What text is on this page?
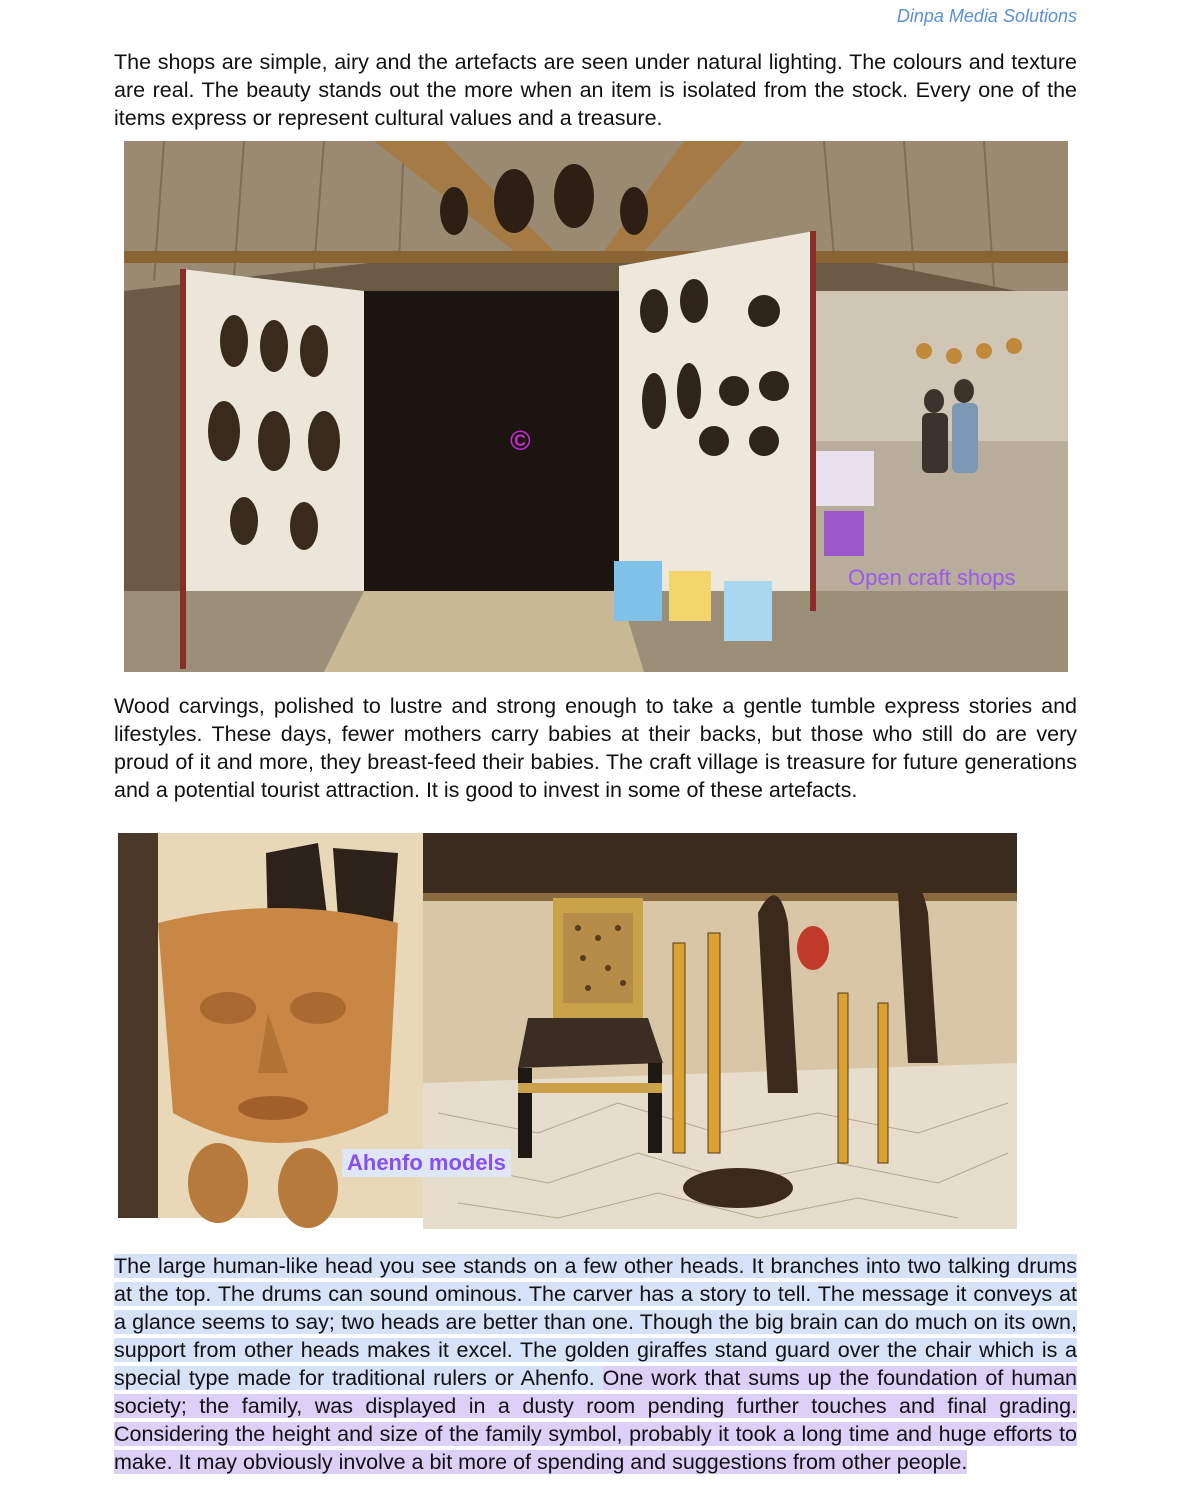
Dinpa Media Solutions

The shops are simple, airy and the artefacts are seen under natural lighting. The colours and texture are real. The beauty stands out the more when an item is isolated from the stock. Every one of the items express or represent cultural values and a treasure.

©
Open craft shops

Wood carvings, polished to lustre and strong enough to take a gentle tumble express stories and lifestyles. These days, fewer mothers carry babies at their backs, but those who still do are very proud of it and more, they breast-feed their babies. The craft village is treasure for future generations and a potential tourist attraction. It is good to invest in some of these artefacts.

Ahenfo models

The large human-like head you see stands on a few other heads. It branches into two talking drums at the top. The drums can sound ominous. The carver has a story to tell. The message it conveys at a glance seems to say; two heads are better than one. Though the big brain can do much on its own, support from other heads makes it excel. The golden giraffes stand guard over the chair which is a special type made for traditional rulers or Ahenfo. One work that sums up the foundation of human society; the family, was displayed in a dusty room pending further touches and final grading. Considering the height and size of the family symbol, probably it took a long time and huge efforts to make. It may obviously involve a bit more of spending and suggestions from other people.
